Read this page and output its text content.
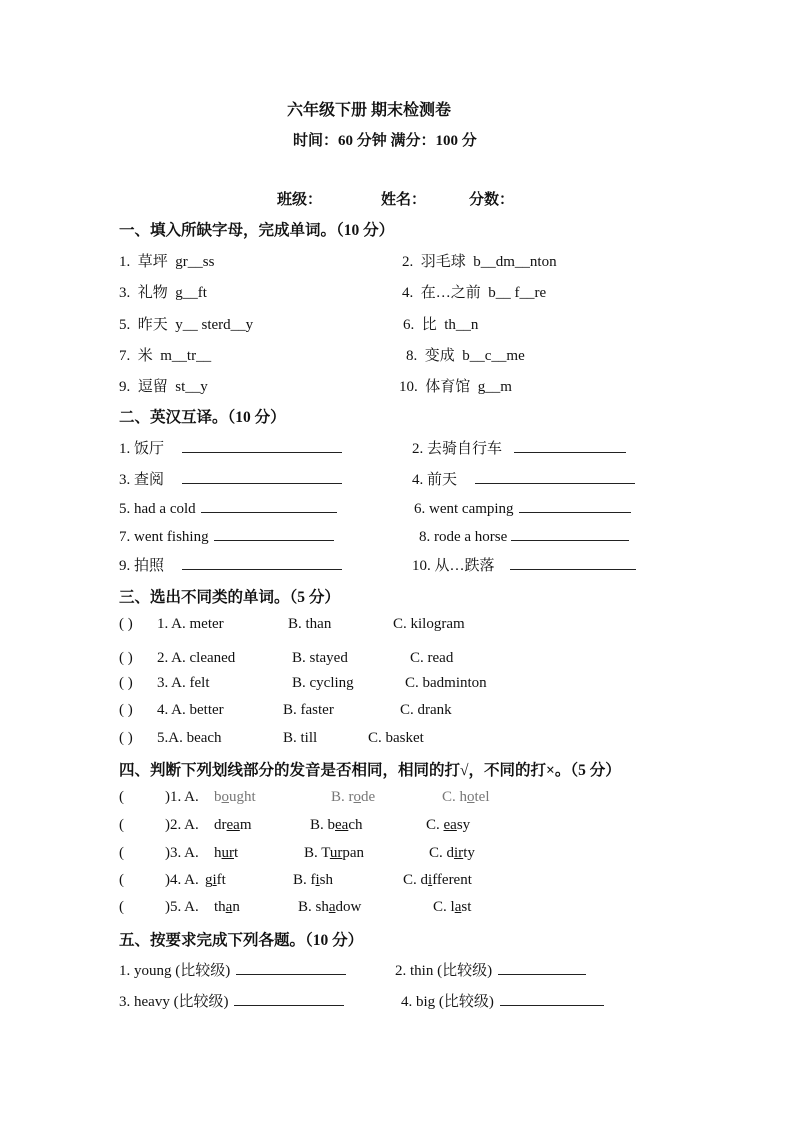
六年级下册 期末检测卷
时间：60 分钟 满分：100 分
班级：	姓名：	分数：
一、填入所缺字母，完成单词。（10 分）
1. 草坪 gr__ss	2. 羽毛球 b__dm__nton
3. 礼物 g__ft	4. 在…之前 b__ f__re
5. 昨天 y__ sterd__y	6. 比 th__n
7. 米 m__tr__	8. 变成 b__c__me
9. 逗留 st__y	10. 体育馆 g__m
二、英汉互译。（10 分）
1. 饭厅	2. 去骑自行车
3. 查阅	4. 前天
5. had a cold	6. went camping
7. went fishing	8. rode a horse
9. 拍照	10. 从…跌落
三、选出不同类的单词。（5 分）
( ) 1. A. meter	B. than	C. kilogram
( ) 2. A. cleaned	B. stayed	C. read
( ) 3. A. felt	B. cycling	C. badminton
( ) 4. A. better	B. faster	C. drank
( ) 5.A. beach	B. till	C. basket
四、判断下列划线部分的发音是否相同，相同的打√，不同的打×。（5 分）
(	)1. A. bought	B. rode	C. hotel
(	)2. A. dream	B. beach	C. easy
(	)3. A. hurt	B. Turpan	C. dirty
(	)4. A. gift	B. fish	C. different
(	)5. A. than	B. shadow	C. last
五、按要求完成下列各题。（10 分）
1. young (比较级)	2. thin (比较级)
3. heavy (比较级)	4. big (比较级)
